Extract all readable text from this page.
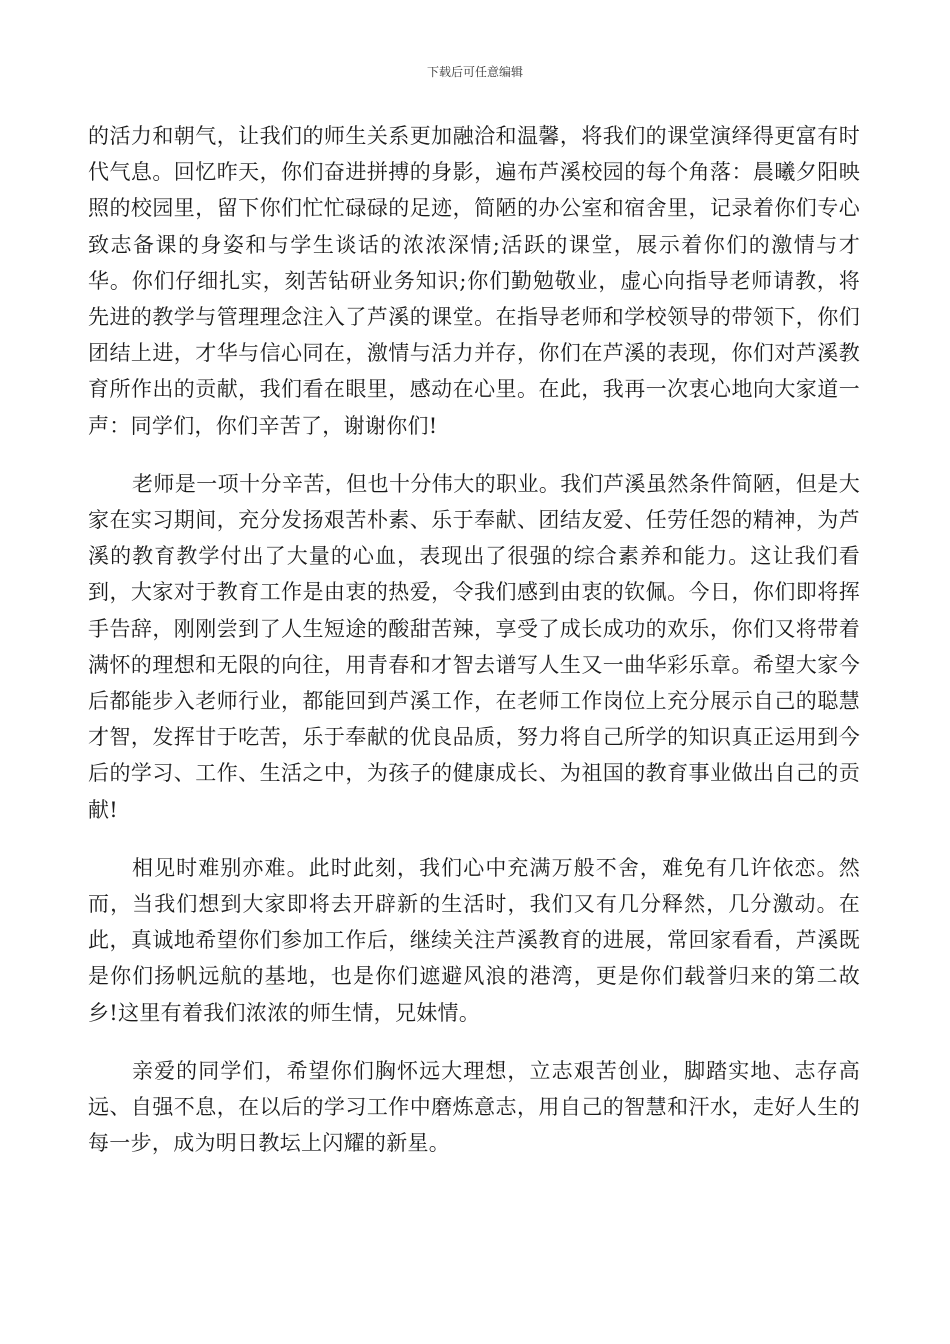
下载后可任意编辑

的活力和朝气，让我们的师生关系更加融洽和温馨，将我们的课堂演绎得更富有时代气息。回忆昨天，你们奋进拼搏的身影，遍布芦溪校园的每个角落：晨曦夕阳映照的校园里，留下你们忙忙碌碌的足迹，简陋的办公室和宿舍里，记录着你们专心致志备课的身姿和与学生谈话的浓浓深情;活跃的课堂，展示着你们的激情与才华。你们仔细扎实，刻苦钻研业务知识;你们勤勉敬业，虚心向指导老师请教，将先进的教学与管理理念注入了芦溪的课堂。在指导老师和学校领导的带领下，你们团结上进，才华与信心同在，激情与活力并存，你们在芦溪的表现，你们对芦溪教育所作出的贡献，我们看在眼里，感动在心里。在此，我再一次衷心地向大家道一声：同学们，你们辛苦了，谢谢你们!

老师是一项十分辛苦，但也十分伟大的职业。我们芦溪虽然条件简陋，但是大家在实习期间，充分发扬艰苦朴素、乐于奉献、团结友爱、任劳任怨的精神，为芦溪的教育教学付出了大量的心血，表现出了很强的综合素养和能力。这让我们看到，大家对于教育工作是由衷的热爱，令我们感到由衷的钦佩。今日，你们即将挥手告辞，刚刚尝到了人生短途的酸甜苦辣，享受了成长成功的欢乐，你们又将带着满怀的理想和无限的向往，用青春和才智去谱写人生又一曲华彩乐章。希望大家今后都能步入老师行业，都能回到芦溪工作，在老师工作岗位上充分展示自己的聪慧才智，发挥甘于吃苦，乐于奉献的优良品质，努力将自己所学的知识真正运用到今后的学习、工作、生活之中，为孩子的健康成长、为祖国的教育事业做出自己的贡献!

相见时难别亦难。此时此刻，我们心中充满万般不舍，难免有几许依恋。然而，当我们想到大家即将去开辟新的生活时，我们又有几分释然，几分激动。在此，真诚地希望你们参加工作后，继续关注芦溪教育的进展，常回家看看，芦溪既是你们扬帆远航的基地，也是你们遮避风浪的港湾，更是你们载誉归来的第二故乡!这里有着我们浓浓的师生情，兄妹情。

亲爱的同学们，希望你们胸怀远大理想，立志艰苦创业，脚踏实地、志存高远、自强不息，在以后的学习工作中磨炼意志，用自己的智慧和汗水，走好人生的每一步，成为明日教坛上闪耀的新星。
